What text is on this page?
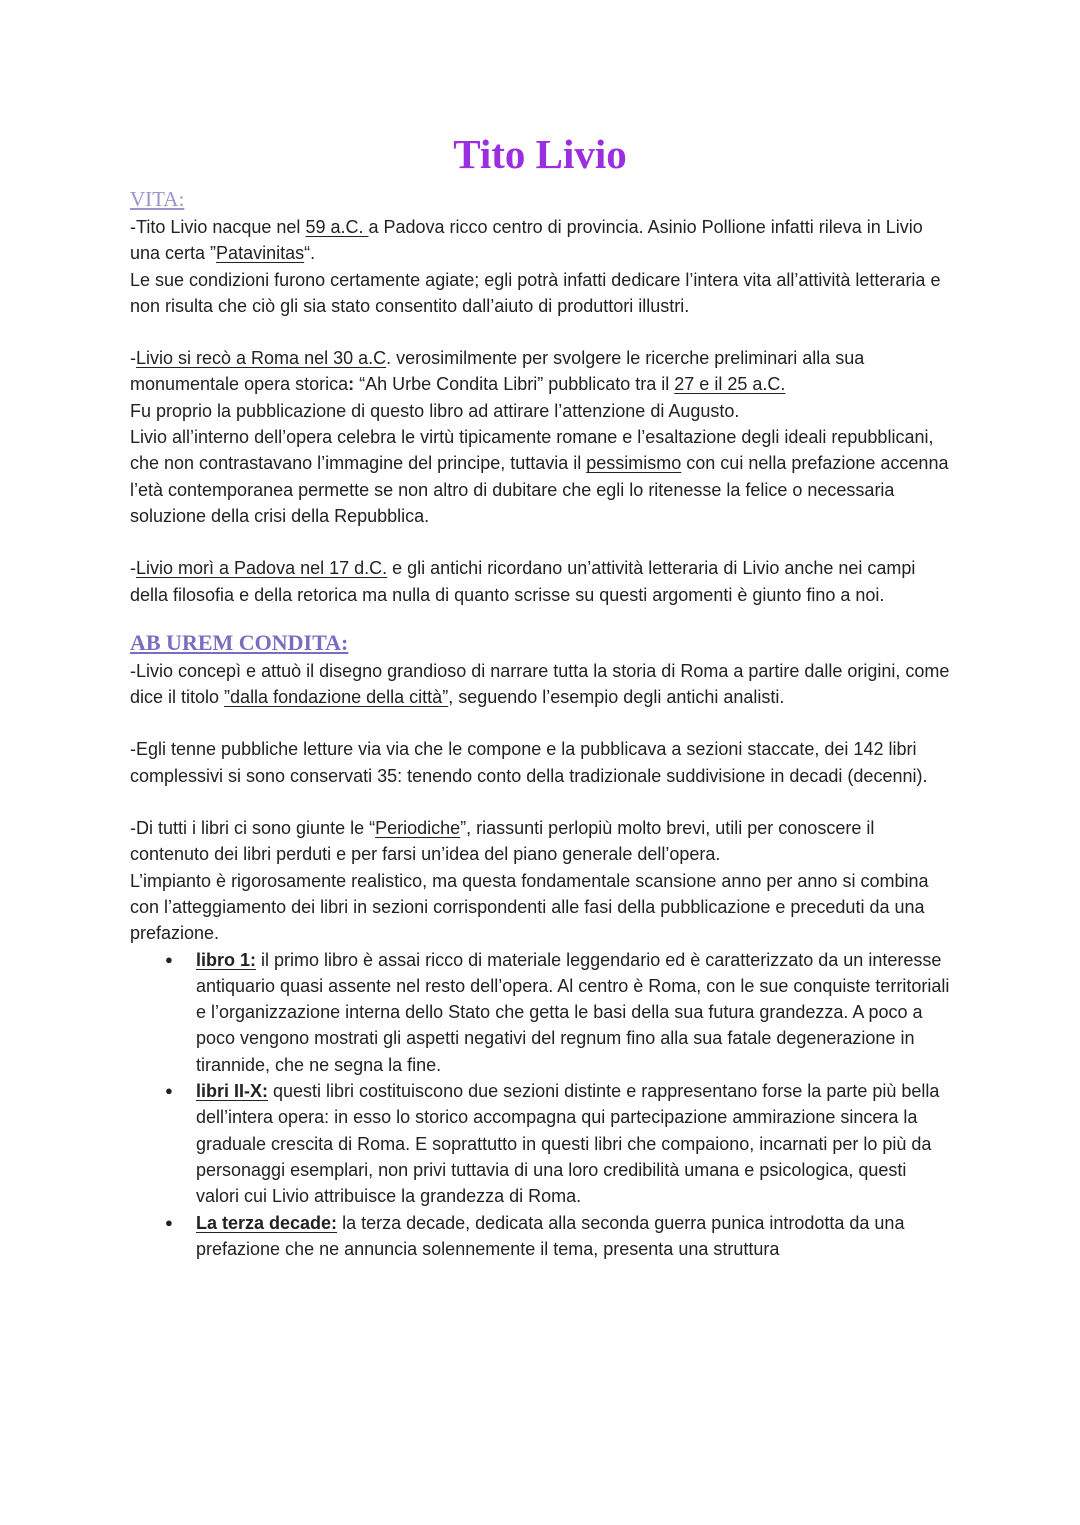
Tito Livio
VITA:

-Tito Livio nacque nel 59 a.C. a Padova ricco centro di provincia. Asinio Pollione infatti rileva in Livio una certa ”Patavinitas“.

Le sue condizioni furono certamente agiate; egli potrà infatti dedicare l’intera vita all’attività letteraria e non risulta che ciò gli sia stato consentito dall’aiuto di produttori illustri.

-Livio si recò a Roma nel 30 a.C. verosimilmente per svolgere le ricerche preliminari alla sua monumentale opera storica: “Ah Urbe Condita Libri” pubblicato tra il 27 e il 25 a.C.

Fu proprio la pubblicazione di questo libro ad attirare l’attenzione di Augusto.

Livio all’interno dell’opera celebra le virtù tipicamente romane e l’esaltazione degli ideali repubblicani, che non contrastavano l’immagine del principe, tuttavia il pessimismo con cui nella prefazione accenna l’età contemporanea permette se non altro di dubitare che egli lo ritenesse la felice o necessaria soluzione della crisi della Repubblica.

-Livio morì a Padova nel 17 d.C. e gli antichi ricordano un’attività letteraria di Livio anche nei campi della filosofia e della retorica ma nulla di quanto scrisse su questi argomenti è giunto fino a noi.

AB UREM CONDITA:

-Livio concepì e attuò il disegno grandioso di narrare tutta la storia di Roma a partire dalle origini, come dice il titolo ”dalla fondazione della città”, seguendo l’esempio degli antichi analisti.

-Egli tenne pubbliche letture via via che le compone e la pubblicava a sezioni staccate, dei 142 libri complessivi si sono conservati 35: tenendo conto della tradizionale suddivisione in decadi (decenni).

-Di tutti i libri ci sono giunte le “Periodiche”, riassunti perlopiù molto brevi, utili per conoscere il contenuto dei libri perduti e per farsi un’idea del piano generale dell’opera.

L’impianto è rigorosamente realistico, ma questa fondamentale scansione anno per anno si combina con l’atteggiamento dei libri in sezioni corrispondenti alle fasi della pubblicazione e preceduti da una prefazione.

● libro 1: il primo libro è assai ricco di materiale leggendario ed è caratterizzato da un interesse antiquario quasi assente nel resto dell’opera. Al centro è Roma, con le sue conquiste territoriali e l’organizzazione interna dello Stato che getta le basi della sua futura grandezza. A poco a poco vengono mostrati gli aspetti negativi del regnum fino alla sua fatale degenerazione in tirannide, che ne segna la fine.
● libri II-X: questi libri costituiscono due sezioni distinte e rappresentano forse la parte più bella dell’intera opera: in esso lo storico accompagna qui partecipazione ammirazione sincera la graduale crescita di Roma. E soprattutto in questi libri che compaiono, incarnati per lo più da personaggi esemplari, non privi tuttavia di una loro credibilità umana e psicologica, questi valori cui Livio attribuisce la grandezza di Roma.
● La terza decade: la terza decade, dedicata alla seconda guerra punica introdotta da una prefazione che ne annuncia solennemente il tema, presenta una struttura
